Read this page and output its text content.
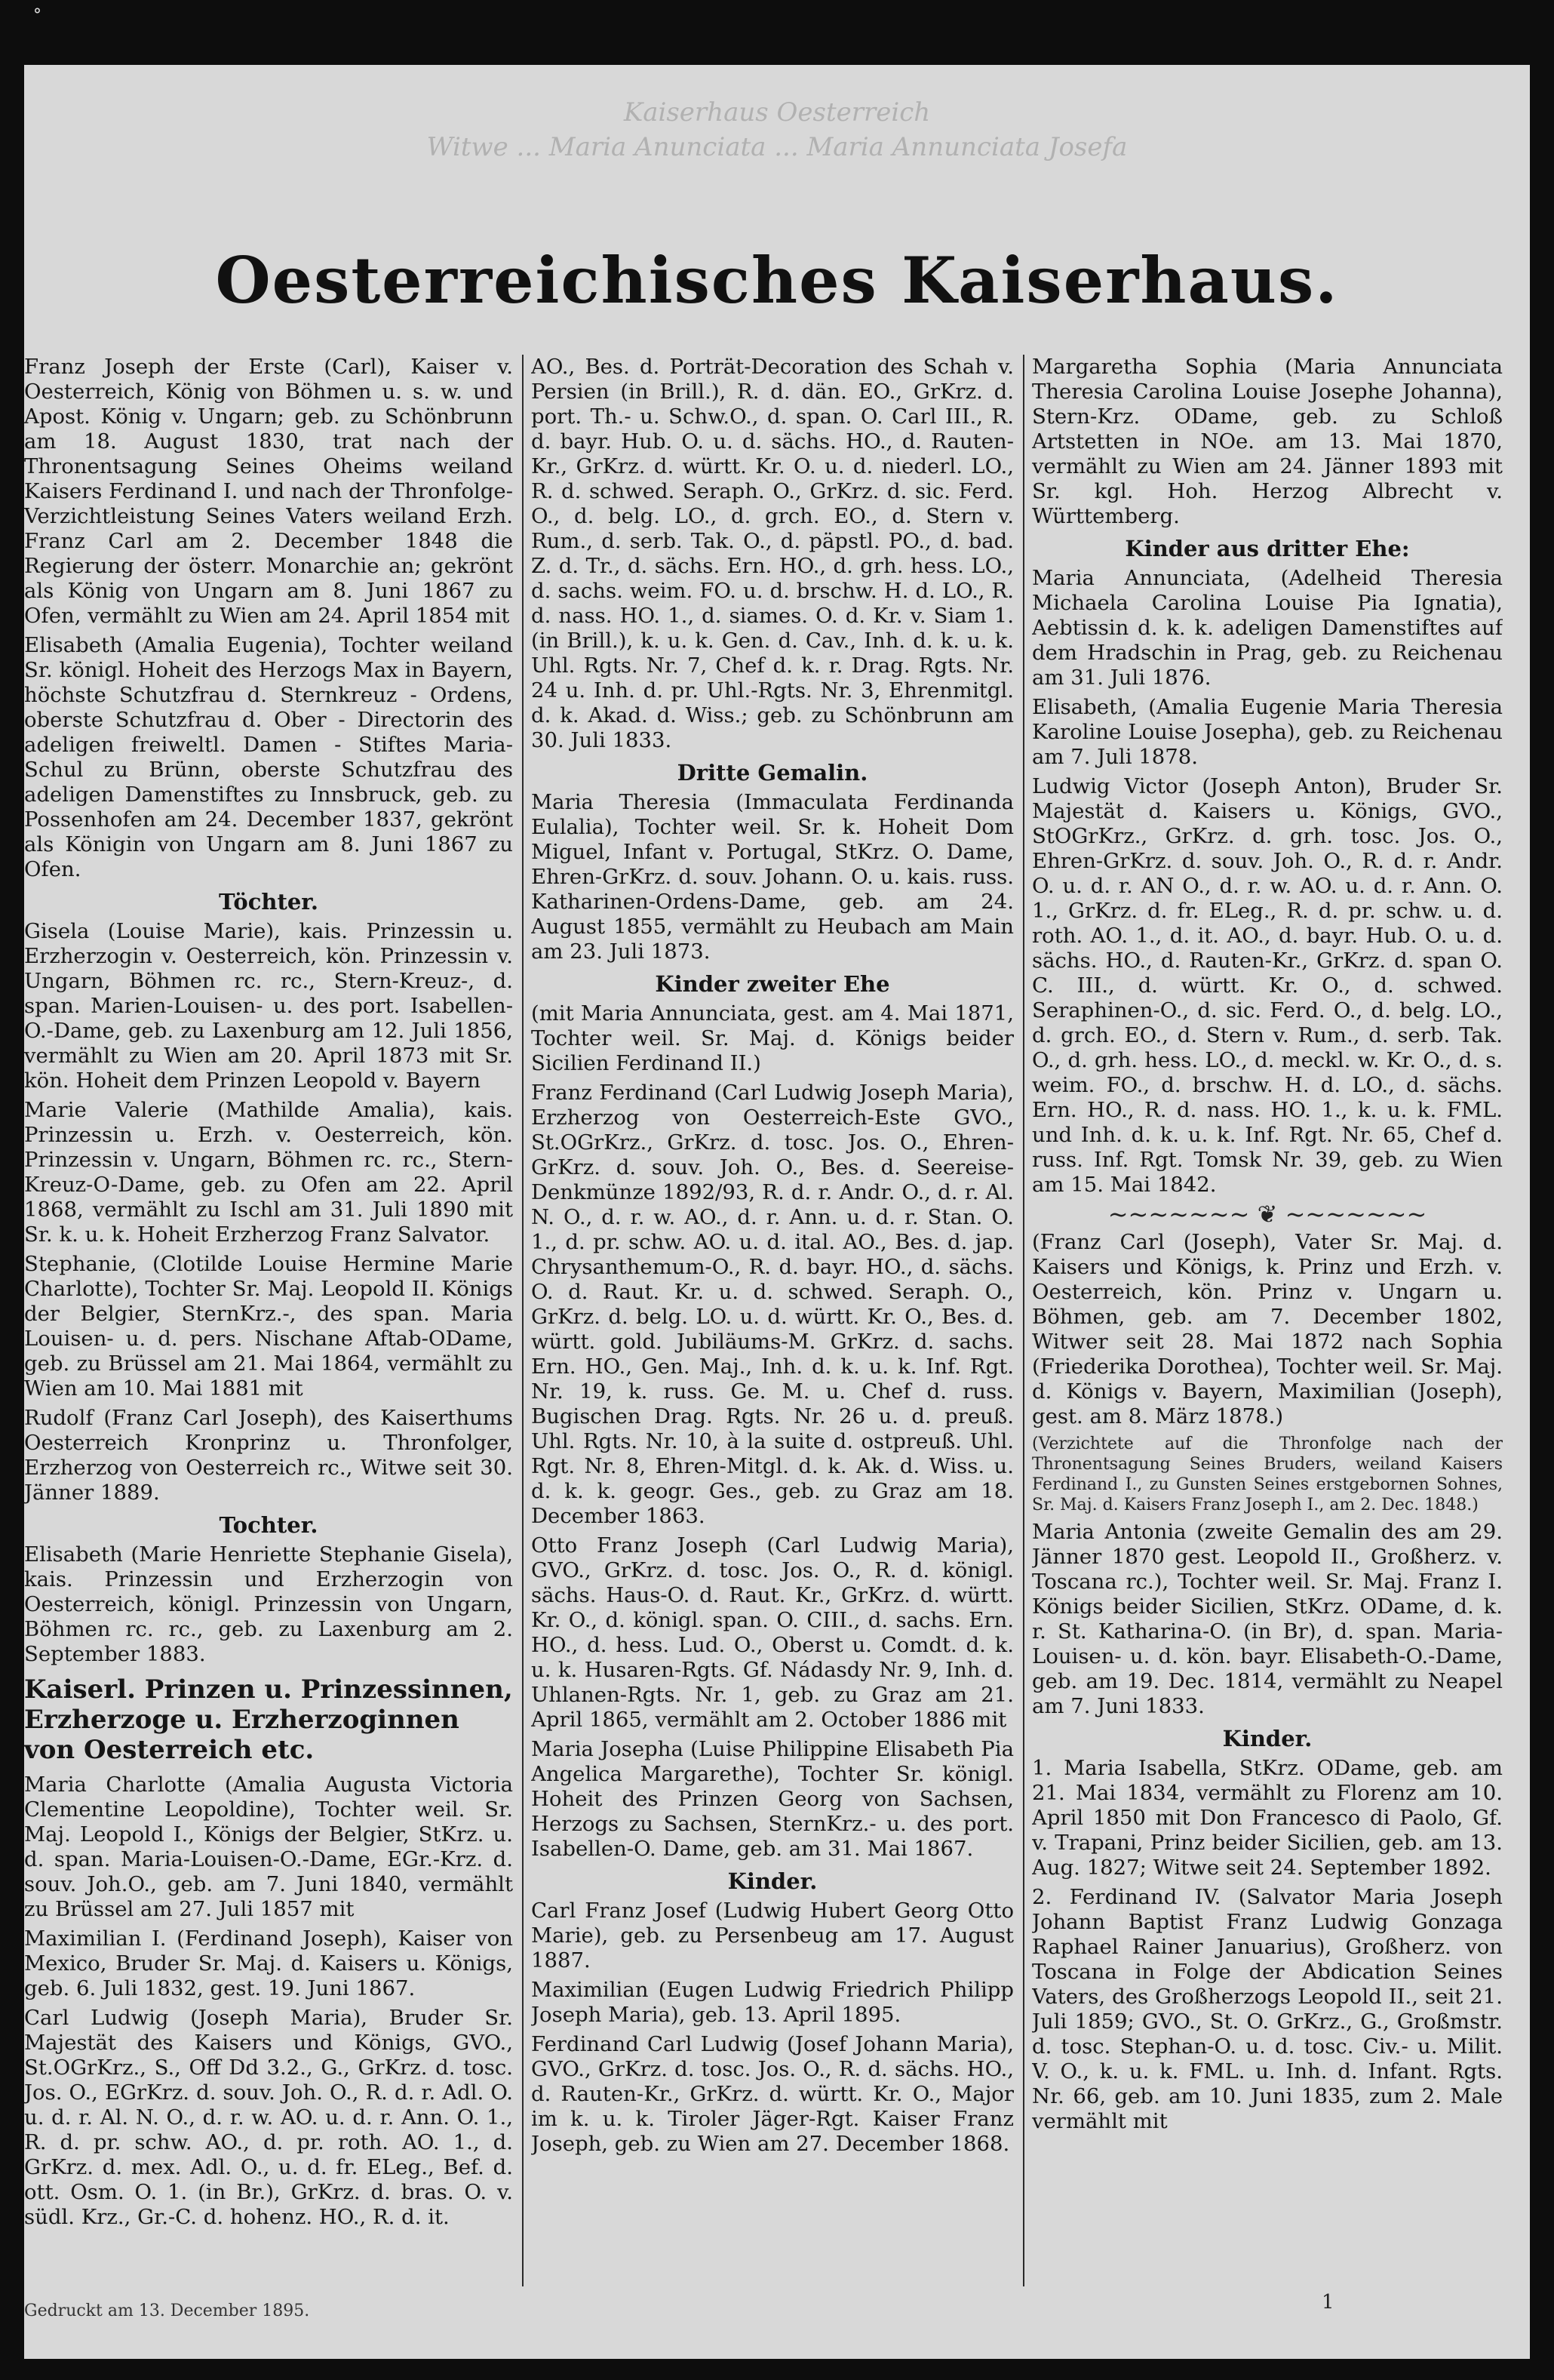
°
Kaiserhaus Oesterreich
Witwe ... Maria Anunciata ... Maria Annunciata Josefa
Oesterreichisches Kaiserhaus.

Franz Joseph der Erste (Carl), Kaiser v. Oesterreich, König von Böhmen u. s. w. und Apost. König v. Ungarn; geb. zu Schönbrunn am 18. August 1830, trat nach der Thronentsagung Seines Oheims weiland Kaisers Ferdinand I. und nach der Thronfolge-Verzichtleistung Seines Vaters weiland Erzh. Franz Carl am 2. December 1848 die Regierung der österr. Monarchie an; gekrönt als König von Ungarn am 8. Juni 1867 zu Ofen, vermählt zu Wien am 24. April 1854 mit

Elisabeth (Amalia Eugenia), Tochter weiland Sr. königl. Hoheit des Herzogs Max in Bayern, höchste Schutzfrau d. Sternkreuz - Ordens, oberste Schutzfrau d. Ober - Directorin des adeligen freiweltl. Damen - Stiftes Maria-Schul zu Brünn, oberste Schutzfrau des adeligen Damenstiftes zu Innsbruck, geb. zu Possenhofen am 24. December 1837, gekrönt als Königin von Ungarn am 8. Juni 1867 zu Ofen.

Töchter.

Gisela (Louise Marie), kais. Prinzessin u. Erzherzogin v. Oesterreich, kön. Prinzessin v. Ungarn, Böhmen rc. rc., Stern-Kreuz-, d. span. Marien-Louisen- u. des port. Isabellen-O.-Dame, geb. zu Laxenburg am 12. Juli 1856, vermählt zu Wien am 20. April 1873 mit Sr. kön. Hoheit dem Prinzen Leopold v. Bayern

Marie Valerie (Mathilde Amalia), kais. Prinzessin u. Erzh. v. Oesterreich, kön. Prinzessin v. Ungarn, Böhmen rc. rc., Stern-Kreuz-O-Dame, geb. zu Ofen am 22. April 1868, vermählt zu Ischl am 31. Juli 1890 mit Sr. k. u. k. Hoheit Erzherzog Franz Salvator.

Stephanie, (Clotilde Louise Hermine Marie Charlotte), Tochter Sr. Maj. Leopold II. Königs der Belgier, SternKrz.-, des span. Maria Louisen- u. d. pers. Nischane Aftab-ODame, geb. zu Brüssel am 21. Mai 1864, vermählt zu Wien am 10. Mai 1881 mit

Rudolf (Franz Carl Joseph), des Kaiserthums Oesterreich Kronprinz u. Thronfolger, Erzherzog von Oesterreich rc., Witwe seit 30. Jänner 1889.

Tochter.

Elisabeth (Marie Henriette Stephanie Gisela), kais. Prinzessin und Erzherzogin von Oesterreich, königl. Prinzessin von Ungarn, Böhmen rc. rc., geb. zu Laxenburg am 2. September 1883.

Kaiserl. Prinzen u. Prinzessinnen, Erzherzoge u. Erzherzoginnen von Oesterreich etc.

Maria Charlotte (Amalia Augusta Victoria Clementine Leopoldine), Tochter weil. Sr. Maj. Leopold I., Königs der Belgier, StKrz. u. d. span. Maria-Louisen-O.-Dame, EGr.-Krz. d. souv. Joh.O., geb. am 7. Juni 1840, vermählt zu Brüssel am 27. Juli 1857 mit

Maximilian I. (Ferdinand Joseph), Kaiser von Mexico, Bruder Sr. Maj. d. Kaisers u. Königs, geb. 6. Juli 1832, gest. 19. Juni 1867.

Carl Ludwig (Joseph Maria), Bruder Sr. Majestät des Kaisers und Königs, GVO., St.OGrKrz., S., Off Dd 3.2., G., GrKrz. d. tosc. Jos. O., EGrKrz. d. souv. Joh. O., R. d. r. Adl. O. u. d. r. Al. N. O., d. r. w. AO. u. d. r. Ann. O. 1., R. d. pr. schw. AO., d. pr. roth. AO. 1., d. GrKrz. d. mex. Adl. O., u. d. fr. ELeg., Bef. d. ott. Osm. O. 1. (in Br.), GrKrz. d. bras. O. v. südl. Krz., Gr.-C. d. hohenz. HO., R. d. it.

AO., Bes. d. Porträt-Decoration des Schah v. Persien (in Brill.), R. d. dän. EO., GrKrz. d. port. Th.- u. Schw.O., d. span. O. Carl III., R. d. bayr. Hub. O. u. d. sächs. HO., d. Rauten-Kr., GrKrz. d. württ. Kr. O. u. d. niederl. LO., R. d. schwed. Seraph. O., GrKrz. d. sic. Ferd. O., d. belg. LO., d. grch. EO., d. Stern v. Rum., d. serb. Tak. O., d. päpstl. PO., d. bad. Z. d. Tr., d. sächs. Ern. HO., d. grh. hess. LO., d. sachs. weim. FO. u. d. brschw. H. d. LO., R. d. nass. HO. 1., d. siames. O. d. Kr. v. Siam 1. (in Brill.), k. u. k. Gen. d. Cav., Inh. d. k. u. k. Uhl. Rgts. Nr. 7, Chef d. k. r. Drag. Rgts. Nr. 24 u. Inh. d. pr. Uhl.-Rgts. Nr. 3, Ehrenmitgl. d. k. Akad. d. Wiss.; geb. zu Schönbrunn am 30. Juli 1833.

Dritte Gemalin.

Maria Theresia (Immaculata Ferdinanda Eulalia), Tochter weil. Sr. k. Hoheit Dom Miguel, Infant v. Portugal, StKrz. O. Dame, Ehren-GrKrz. d. souv. Johann. O. u. kais. russ. Katharinen-Ordens-Dame, geb. am 24. August 1855, vermählt zu Heubach am Main am 23. Juli 1873.

Kinder zweiter Ehe

(mit Maria Annunciata, gest. am 4. Mai 1871, Tochter weil. Sr. Maj. d. Königs beider Sicilien Ferdinand II.)

Franz Ferdinand (Carl Ludwig Joseph Maria), Erzherzog von Oesterreich-Este GVO., St.OGrKrz., GrKrz. d. tosc. Jos. O., Ehren-GrKrz. d. souv. Joh. O., Bes. d. Seereise-Denkmünze 1892/93, R. d. r. Andr. O., d. r. Al. N. O., d. r. w. AO., d. r. Ann. u. d. r. Stan. O. 1., d. pr. schw. AO. u. d. ital. AO., Bes. d. jap. Chrysanthemum-O., R. d. bayr. HO., d. sächs. O. d. Raut. Kr. u. d. schwed. Seraph. O., GrKrz. d. belg. LO. u. d. württ. Kr. O., Bes. d. württ. gold. Jubiläums-M. GrKrz. d. sachs. Ern. HO., Gen. Maj., Inh. d. k. u. k. Inf. Rgt. Nr. 19, k. russ. Ge. M. u. Chef d. russ. Bugischen Drag. Rgts. Nr. 26 u. d. preuß. Uhl. Rgts. Nr. 10, à la suite d. ostpreuß. Uhl. Rgt. Nr. 8, Ehren-Mitgl. d. k. Ak. d. Wiss. u. d. k. k. geogr. Ges., geb. zu Graz am 18. December 1863.

Otto Franz Joseph (Carl Ludwig Maria), GVO., GrKrz. d. tosc. Jos. O., R. d. königl. sächs. Haus-O. d. Raut. Kr., GrKrz. d. württ. Kr. O., d. königl. span. O. CIII., d. sachs. Ern. HO., d. hess. Lud. O., Oberst u. Comdt. d. k. u. k. Husaren-Rgts. Gf. Nádasdy Nr. 9, Inh. d. Uhlanen-Rgts. Nr. 1, geb. zu Graz am 21. April 1865, vermählt am 2. October 1886 mit

Maria Josepha (Luise Philippine Elisabeth Pia Angelica Margarethe), Tochter Sr. königl. Hoheit des Prinzen Georg von Sachsen, Herzogs zu Sachsen, SternKrz.- u. des port. Isabellen-O. Dame, geb. am 31. Mai 1867.

Kinder.

Carl Franz Josef (Ludwig Hubert Georg Otto Marie), geb. zu Persenbeug am 17. August 1887.

Maximilian (Eugen Ludwig Friedrich Philipp Joseph Maria), geb. 13. April 1895.

Ferdinand Carl Ludwig (Josef Johann Maria), GVO., GrKrz. d. tosc. Jos. O., R. d. sächs. HO., d. Rauten-Kr., GrKrz. d. württ. Kr. O., Major im k. u. k. Tiroler Jäger-Rgt. Kaiser Franz Joseph, geb. zu Wien am 27. December 1868.

Margaretha Sophia (Maria Annunciata Theresia Carolina Louise Josephe Johanna), Stern-Krz. ODame, geb. zu Schloß Artstetten in NOe. am 13. Mai 1870, vermählt zu Wien am 24. Jänner 1893 mit Sr. kgl. Hoh. Herzog Albrecht v. Württemberg.

Kinder aus dritter Ehe:

Maria Annunciata, (Adelheid Theresia Michaela Carolina Louise Pia Ignatia), Aebtissin d. k. k. adeligen Damenstiftes auf dem Hradschin in Prag, geb. zu Reichenau am 31. Juli 1876.

Elisabeth, (Amalia Eugenie Maria Theresia Karoline Louise Josepha), geb. zu Reichenau am 7. Juli 1878.

Ludwig Victor (Joseph Anton), Bruder Sr. Majestät d. Kaisers u. Königs, GVO., StOGrKrz., GrKrz. d. grh. tosc. Jos. O., Ehren-GrKrz. d. souv. Joh. O., R. d. r. Andr. O. u. d. r. AN O., d. r. w. AO. u. d. r. Ann. O. 1., GrKrz. d. fr. ELeg., R. d. pr. schw. u. d. roth. AO. 1., d. it. AO., d. bayr. Hub. O. u. d. sächs. HO., d. Rauten-Kr., GrKrz. d. span O. C. III., d. württ. Kr. O., d. schwed. Seraphinen-O., d. sic. Ferd. O., d. belg. LO., d. grch. EO., d. Stern v. Rum., d. serb. Tak. O., d. grh. hess. LO., d. meckl. w. Kr. O., d. s. weim. FO., d. brschw. H. d. LO., d. sächs. Ern. HO., R. d. nass. HO. 1., k. u. k. FML. und Inh. d. k. u. k. Inf. Rgt. Nr. 65, Chef d. russ. Inf. Rgt. Tomsk Nr. 39, geb. zu Wien am 15. Mai 1842.

~~~~~~~ ❦ ~~~~~~~

(Franz Carl (Joseph), Vater Sr. Maj. d. Kaisers und Königs, k. Prinz und Erzh. v. Oesterreich, kön. Prinz v. Ungarn u. Böhmen, geb. am 7. December 1802, Witwer seit 28. Mai 1872 nach Sophia (Friederika Dorothea), Tochter weil. Sr. Maj. d. Königs v. Bayern, Maximilian (Joseph), gest. am 8. März 1878.)

(Verzichtete auf die Thronfolge nach der Thronentsagung Seines Bruders, weiland Kaisers Ferdinand I., zu Gunsten Seines erstgebornen Sohnes, Sr. Maj. d. Kaisers Franz Joseph I., am 2. Dec. 1848.)

Maria Antonia (zweite Gemalin des am 29. Jänner 1870 gest. Leopold II., Großherz. v. Toscana rc.), Tochter weil. Sr. Maj. Franz I. Königs beider Sicilien, StKrz. ODame, d. k. r. St. Katharina-O. (in Br), d. span. Maria-Louisen- u. d. kön. bayr. Elisabeth-O.-Dame, geb. am 19. Dec. 1814, vermählt zu Neapel am 7. Juni 1833.

Kinder.

1. Maria Isabella, StKrz. ODame, geb. am 21. Mai 1834, vermählt zu Florenz am 10. April 1850 mit Don Francesco di Paolo, Gf. v. Trapani, Prinz beider Sicilien, geb. am 13. Aug. 1827; Witwe seit 24. September 1892.

2. Ferdinand IV. (Salvator Maria Joseph Johann Baptist Franz Ludwig Gonzaga Raphael Rainer Januarius), Großherz. von Toscana in Folge der Abdication Seines Vaters, des Großherzogs Leopold II., seit 21. Juli 1859; GVO., St. O. GrKrz., G., Großmstr. d. tosc. Stephan-O. u. d. tosc. Civ.- u. Milit. V. O., k. u. k. FML. u. Inh. d. Infant. Rgts. Nr. 66, geb. am 10. Juni 1835, zum 2. Male vermählt mit

Gedruckt am 13. December 1895.	1
